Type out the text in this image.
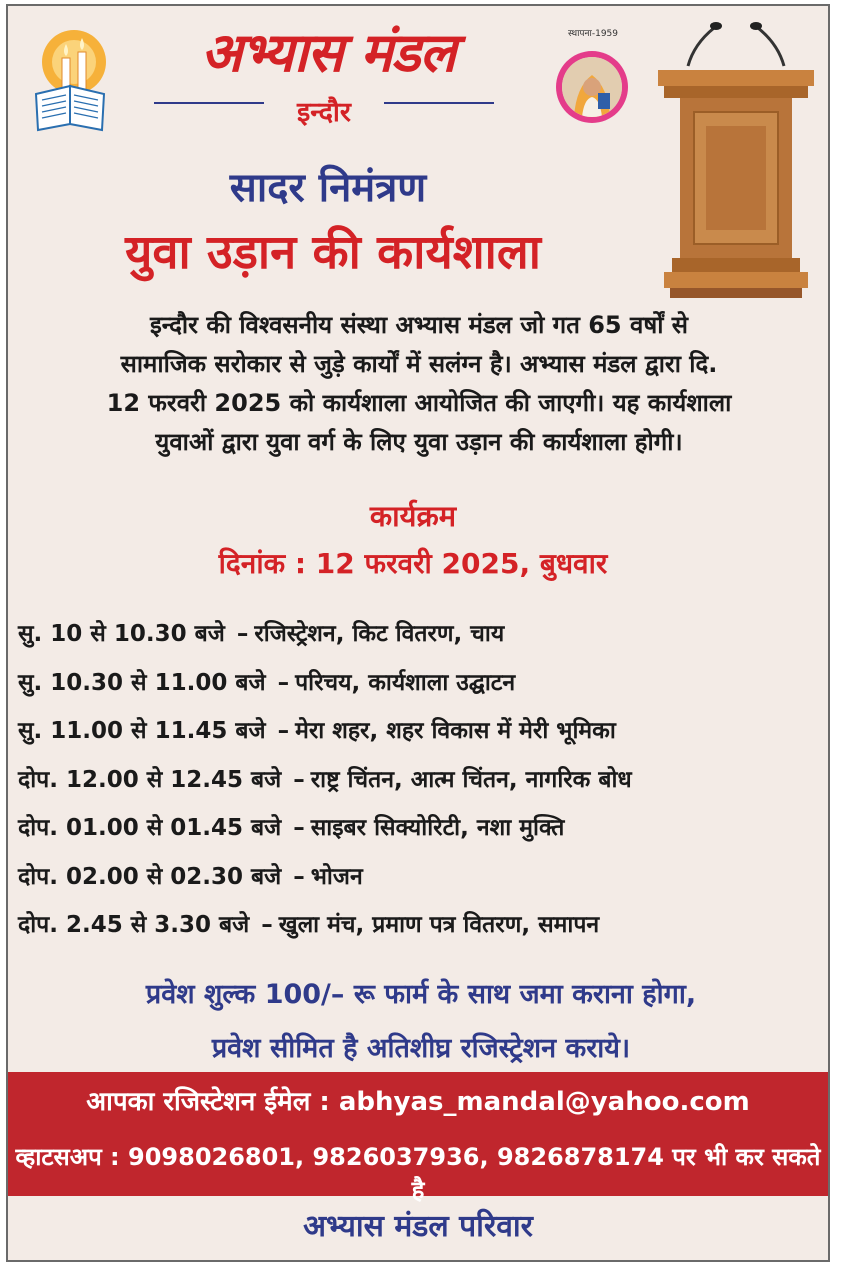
अभ्यास मंडल
इन्दौर
स्थापना-1959
सादर निमंत्रण
युवा उड़ान की कार्यशाला
इन्दौर की विश्वसनीय संस्था अभ्यास मंडल जो गत 65 वर्षों से
सामाजिक सरोकार से जुड़े कार्यों में सलंग्न है। अभ्यास मंडल द्वारा दि.
12 फरवरी 2025 को कार्यशाला आयोजित की जाएगी। यह कार्यशाला
युवाओं द्वारा युवा वर्ग के लिए युवा उड़ान की कार्यशाला होगी।
कार्यक्रम
दिनांक : 12 फरवरी 2025, बुधवार
सु. 10 से 10.30 बजे – रजिस्ट्रेशन, किट वितरण, चाय
सु. 10.30 से 11.00 बजे – परिचय, कार्यशाला उद्घाटन
सु. 11.00 से 11.45 बजे – मेरा शहर, शहर विकास में मेरी भूमिका
दोप. 12.00 से 12.45 बजे – राष्ट्र चिंतन, आत्म चिंतन, नागरिक बोध
दोप. 01.00 से 01.45 बजे – साइबर सिक्योरिटी, नशा मुक्ति
दोप. 02.00 से 02.30 बजे – भोजन
दोप. 2.45 से 3.30 बजे – खुला मंच, प्रमाण पत्र वितरण, समापन
प्रवेश शुल्क 100/– रू फार्म के साथ जमा कराना होगा,
प्रवेश सीमित है अतिशीघ्र रजिस्ट्रेशन कराये।
आपका रजिस्टेशन ईमेल : abhyas_mandal@yahoo.com
व्हाटसअप : 9098026801, 9826037936, 9826878174 पर भी कर सकते है
अभ्यास मंडल परिवार
